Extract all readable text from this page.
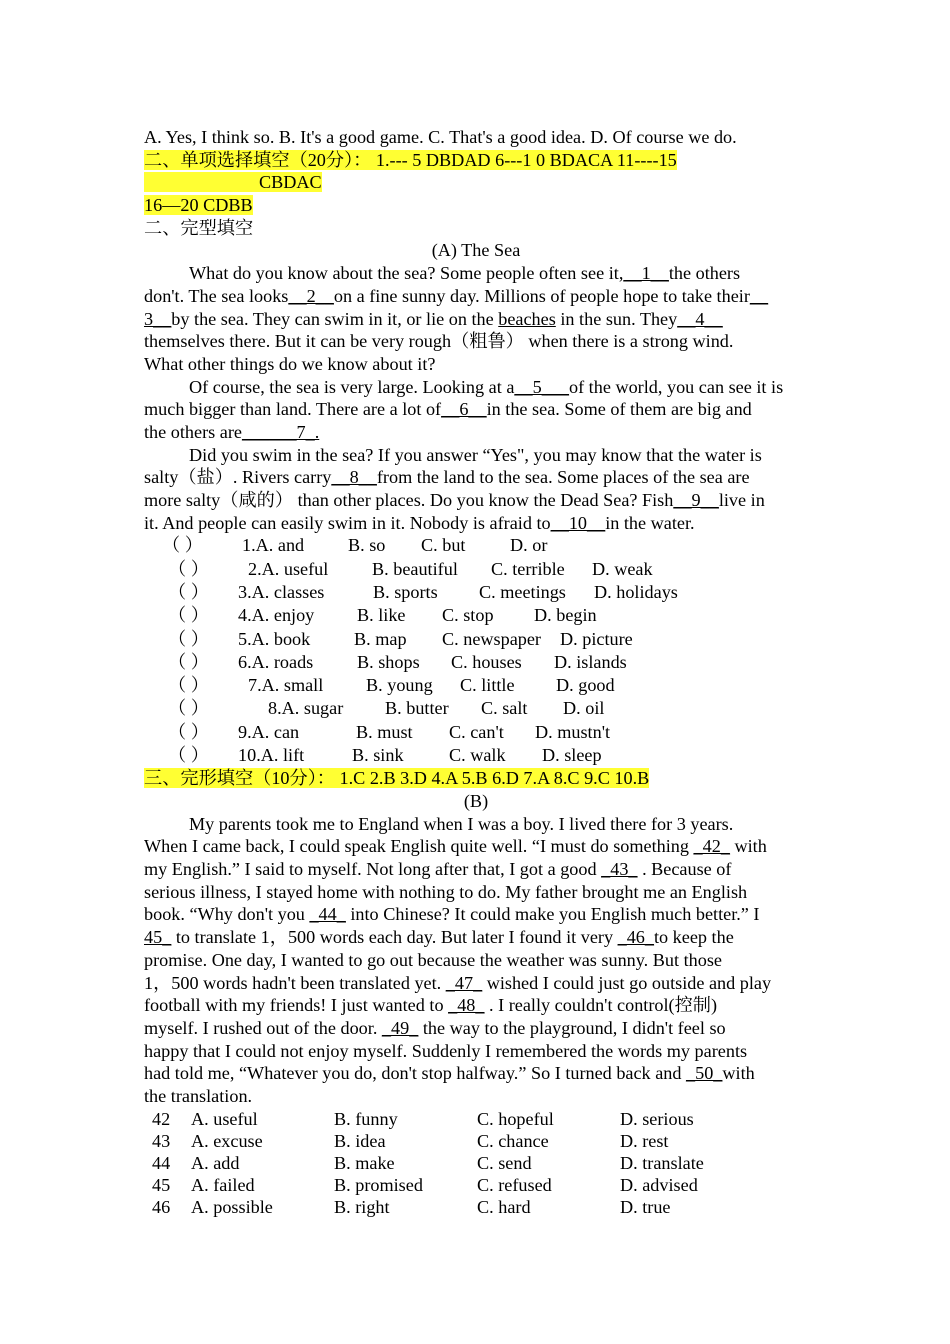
A. Yes, I think so. B. It's a good game. C. That's a good idea. D. Of course we do.
二、单项选择填空（20分）： 1.--- 5 DBDAD 6---1 0 BDACA 11----15
CBDAC
16—20 CDBB
二、完型填空
(A) The Sea
What do you know about the sea? Some people often see it,__1__the others
don't. The sea looks__2__on a fine sunny day. Millions of people hope to take their__
3__by the sea. They can swim in it, or lie on the beaches in the sun. They__4__
themselves there. But it can be very rough（粗鲁） when there is a strong wind.
What other things do we know about it?
Of course, the sea is very large. Looking at a__5___of the world, you can see it is
much bigger than land. There are a lot of__6__in the sea. Some of them are big and
the others are______7_.
Did you swim in the sea? If you answer “Yes", you may know that the water is
salty（盐）. Rivers carry__8__from the land to the sea. Some places of the sea are
more salty（咸的） than other places. Do you know the Dead Sea? Fish__9__live in
it. And people can easily swim in it. Nobody is afraid to__10__in the water.
（ ） 1.A. and B. so C. but D. or
（ ） 2.A. useful B. beautiful C. terrible D. weak
（ ） 3.A. classes	B. sports C. meetings D. holidays
（ ） 4.A. enjoy B. like C. stop D. begin
（ ） 5.A. book B. map C. newspaper D. picture
（ ） 6.A. roads B. shops C. houses D. islands
（ ） 7.A. small B. young C. little D. good
（ ）	8.A. sugar B. butter C. salt D. oil
（ ） 9.A. can	B. must C. can't D. mustn't
（ ） 10.A. lift	B. sink C. walk D. sleep
三、完形填空（10分）： 1.C 2.B 3.D 4.A 5.B 6.D 7.A 8.C 9.C 10.B
(B)
My parents took me to England when I was a boy. I lived there for 3 years.
When I came back, I could speak English quite well. “I must do something _42_ with
my English.” I said to myself. Not long after that, I got a good _43_ . Because of
serious illness, I stayed home with nothing to do. My father brought me an English
book. “Why don't you _44_ into Chinese? It could make you English much better.” I
45_ to translate 1，500 words each day. But later I found it very _46_to keep the
promise. One day, I wanted to go out because the weather was sunny. But those
1，500 words hadn't been translated yet. _47_ wished I could just go outside and play
football with my friends! I just wanted to _48_ . I really couldn't control(控制)
myself. I rushed out of the door. _49_ the way to the playground, I didn't feel so
happy that I could not enjoy myself. Suddenly I remembered the words my parents
had told me, “Whatever you do, don't stop halfway.” So I turned back and _50_with
the translation.
42	A. useful	B. funny	C. hopeful	D. serious
43	A. excuse	B. idea	C. chance	D. rest
44	A. add	B. make	C. send	D. translate
45	A. failed	B. promised	C. refused	D. advised
46	A. possible	B. right	C. hard	D. true
